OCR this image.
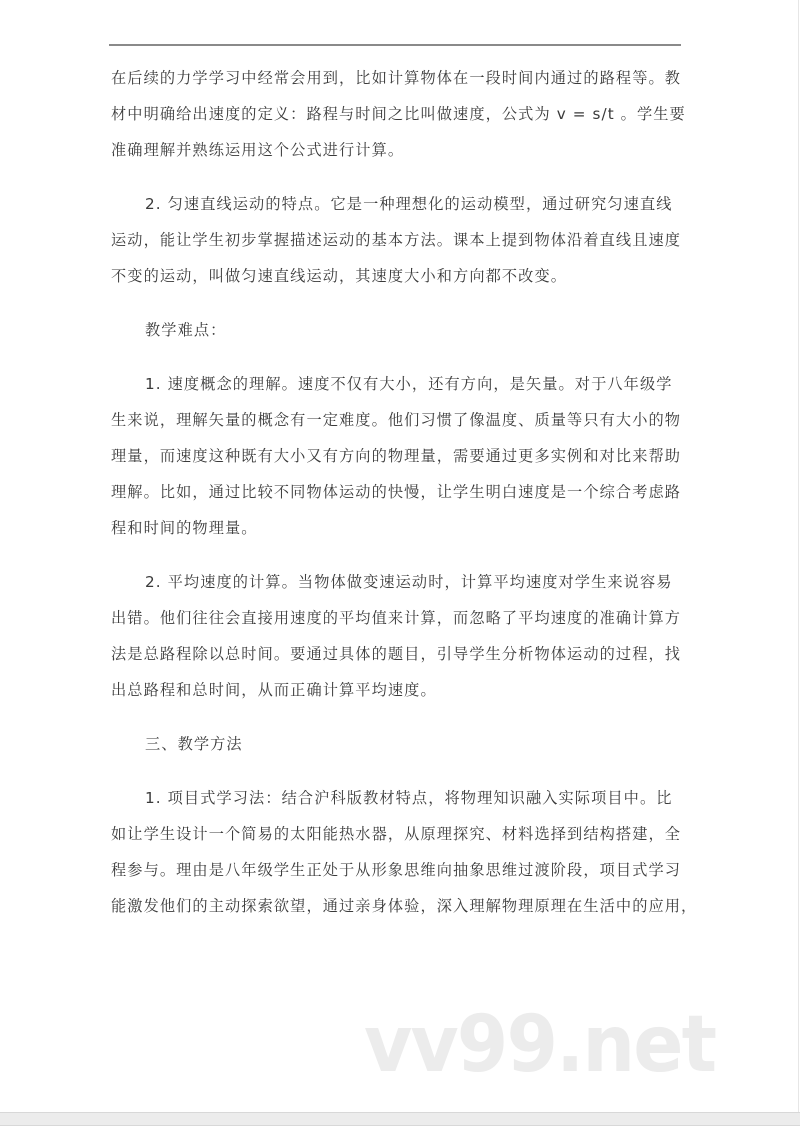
在后续的力学学习中经常会用到，比如计算物体在一段时间内通过的路程等。教
材中明确给出速度的定义：路程与时间之比叫做速度，公式为 v = s/t 。学生要
准确理解并熟练运用这个公式进行计算。

2. 匀速直线运动的特点。它是一种理想化的运动模型，通过研究匀速直线
运动，能让学生初步掌握描述运动的基本方法。课本上提到物体沿着直线且速度
不变的运动，叫做匀速直线运动，其速度大小和方向都不改变。

教学难点：

1. 速度概念的理解。速度不仅有大小，还有方向，是矢量。对于八年级学
生来说，理解矢量的概念有一定难度。他们习惯了像温度、质量等只有大小的物
理量，而速度这种既有大小又有方向的物理量，需要通过更多实例和对比来帮助
理解。比如，通过比较不同物体运动的快慢，让学生明白速度是一个综合考虑路
程和时间的物理量。

2. 平均速度的计算。当物体做变速运动时，计算平均速度对学生来说容易
出错。他们往往会直接用速度的平均值来计算，而忽略了平均速度的准确计算方
法是总路程除以总时间。要通过具体的题目，引导学生分析物体运动的过程，找
出总路程和总时间，从而正确计算平均速度。

三、教学方法

1. 项目式学习法：结合沪科版教材特点，将物理知识融入实际项目中。比
如让学生设计一个简易的太阳能热水器，从原理探究、材料选择到结构搭建，全
程参与。理由是八年级学生正处于从形象思维向抽象思维过渡阶段，项目式学习
能激发他们的主动探索欲望，通过亲身体验，深入理解物理原理在生活中的应用，

vv99.net
